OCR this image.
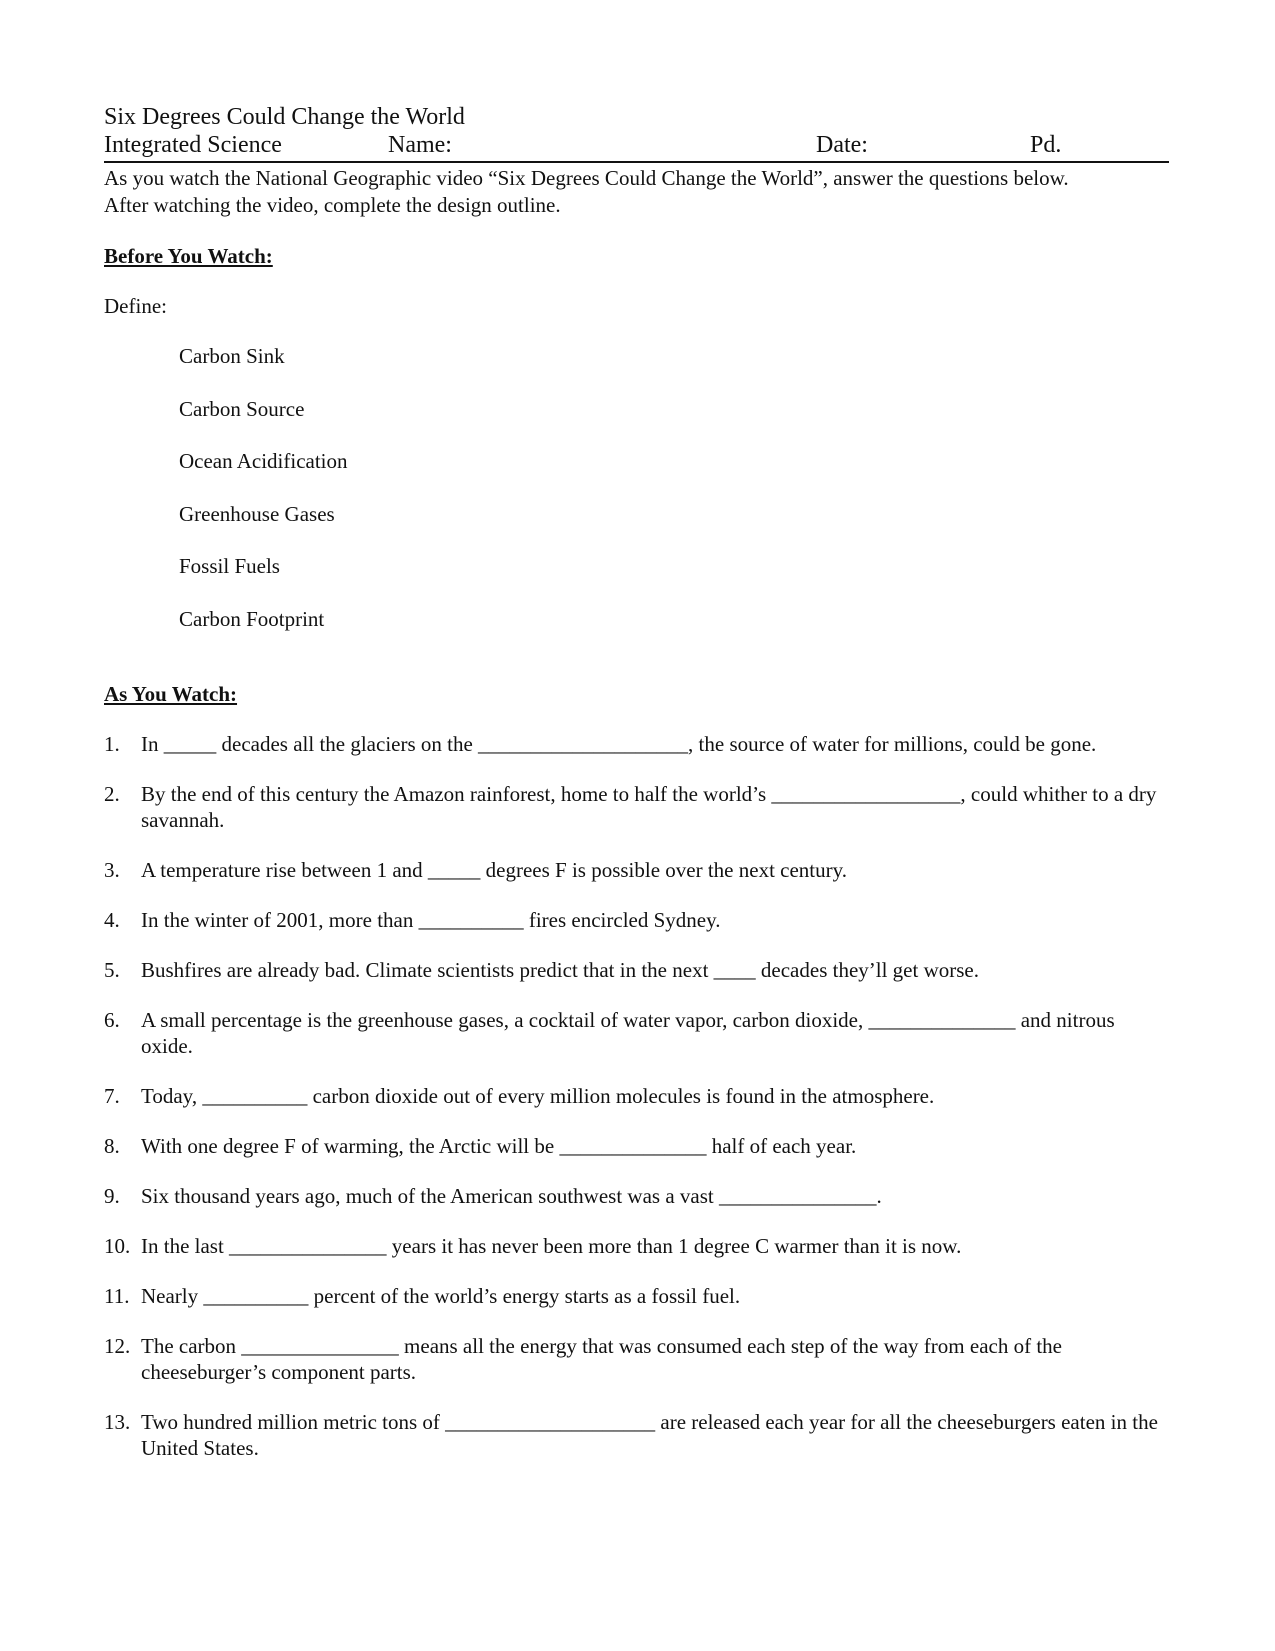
Six Degrees Could Change the World
Integrated Science	Name:	Date:	Pd.

As you watch the National Geographic video “Six Degrees Could Change the World”, answer the questions below.

After watching the video, complete the design outline.

Before You Watch:

Define:

Carbon Sink
Carbon Source
Ocean Acidification
Greenhouse Gases
Fossil Fuels
Carbon Footprint
As You Watch:
1. In _____ decades all the glaciers on the ____________________, the source of water for millions, could be gone.
2. By the end of this century the Amazon rainforest, home to half the world’s __________________, could whither to a dry savannah.
3. A temperature rise between 1 and _____ degrees F is possible over the next century.
4. In the winter of 2001, more than __________ fires encircled Sydney.
5. Bushfires are already bad. Climate scientists predict that in the next ____ decades they’ll get worse.
6. A small percentage is the greenhouse gases, a cocktail of water vapor, carbon dioxide, ______________ and nitrous oxide.
7. Today, __________ carbon dioxide out of every million molecules is found in the atmosphere.
8. With one degree F of warming, the Arctic will be ______________ half of each year.
9. Six thousand years ago, much of the American southwest was a vast _______________.
10. In the last _______________ years it has never been more than 1 degree C warmer than it is now.
11. Nearly __________ percent of the world’s energy starts as a fossil fuel.
12. The carbon _______________ means all the energy that was consumed each step of the way from each of the cheeseburger’s component parts.
13. Two hundred million metric tons of ____________________ are released each year for all the cheeseburgers eaten in the United States.
